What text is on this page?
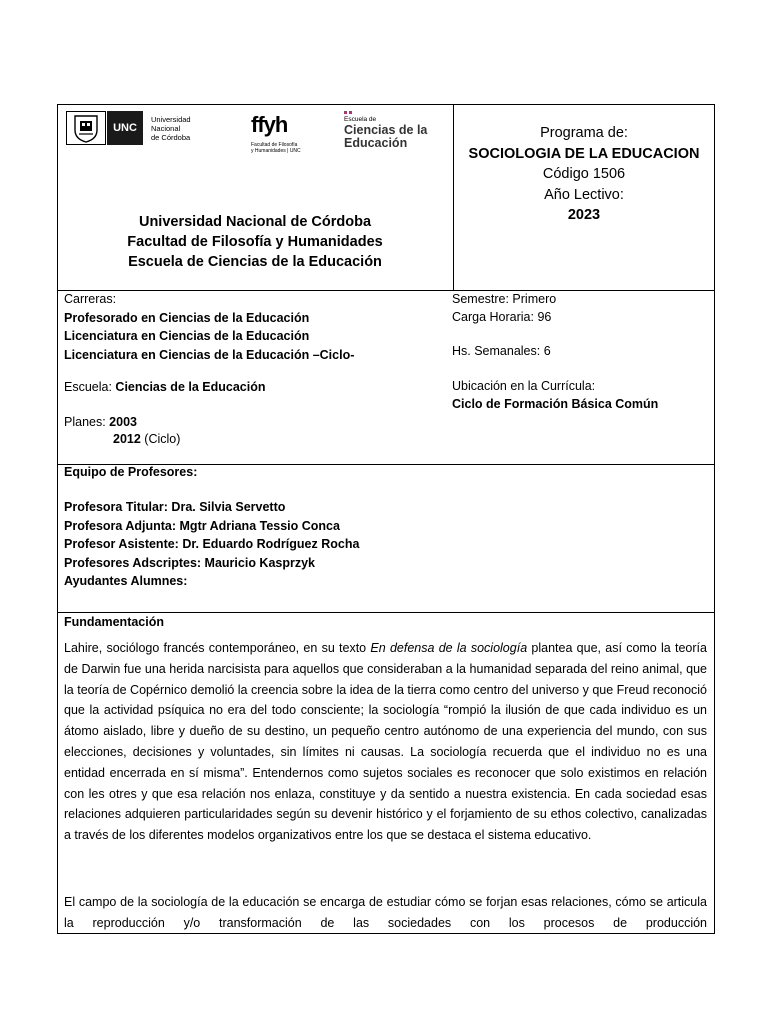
UNC
Universidad
Nacional
de Córdoba
ffyh
Facultad de Filosofía
y Humanidades | UNC
Escuela de
Ciencias de la
Educación
Universidad Nacional de Córdoba
Facultad de Filosofía y Humanidades
Escuela de Ciencias de la Educación
Programa de:
SOCIOLOGIA DE LA EDUCACION
Código 1506
Año Lectivo:
2023
Carreras:
Profesorado en Ciencias de la Educación
Licenciatura en Ciencias de la Educación
Licenciatura en Ciencias de la Educación –Ciclo-
Escuela: Ciencias de la Educación
Planes: 2003
2012 (Ciclo)
Semestre: Primero
Carga Horaria: 96
Hs. Semanales: 6
Ubicación en la Currícula:
Ciclo de Formación Básica Común
Equipo de Profesores:
Profesora Titular: Dra. Silvia Servetto
Profesora Adjunta: Mgtr Adriana Tessio Conca
Profesor Asistente: Dr. Eduardo Rodríguez Rocha
Profesores Adscriptes: Mauricio Kasprzyk
Ayudantes Alumnes:
Fundamentación

Lahire, sociólogo francés contemporáneo, en su texto En defensa de la sociología plantea que, así como la teoría de Darwin fue una herida narcisista para aquellos que consideraban a la humanidad separada del reino animal, que la teoría de Copérnico demolió la creencia sobre la idea de la tierra como centro del universo y que Freud reconoció que la actividad psíquica no era del todo consciente; la sociología “rompió la ilusión de que cada individuo es un átomo aislado, libre y dueño de su destino, un pequeño centro autónomo de una experiencia del mundo, con sus elecciones, decisiones y voluntades, sin límites ni causas. La sociología recuerda que el individuo no es una entidad encerrada en sí misma”. Entendernos como sujetos sociales es reconocer que solo existimos en relación con les otres y que esa relación nos enlaza, constituye y da sentido a nuestra existencia. En cada sociedad esas relaciones adquieren particularidades según su devenir histórico y el forjamiento de su ethos colectivo, canalizadas a través de los diferentes modelos organizativos entre los que se destaca el sistema educativo.

El campo de la sociología de la educación se encarga de estudiar cómo se forjan esas relaciones, cómo se articula la reproducción y/o transformación de las sociedades con los procesos de producción
